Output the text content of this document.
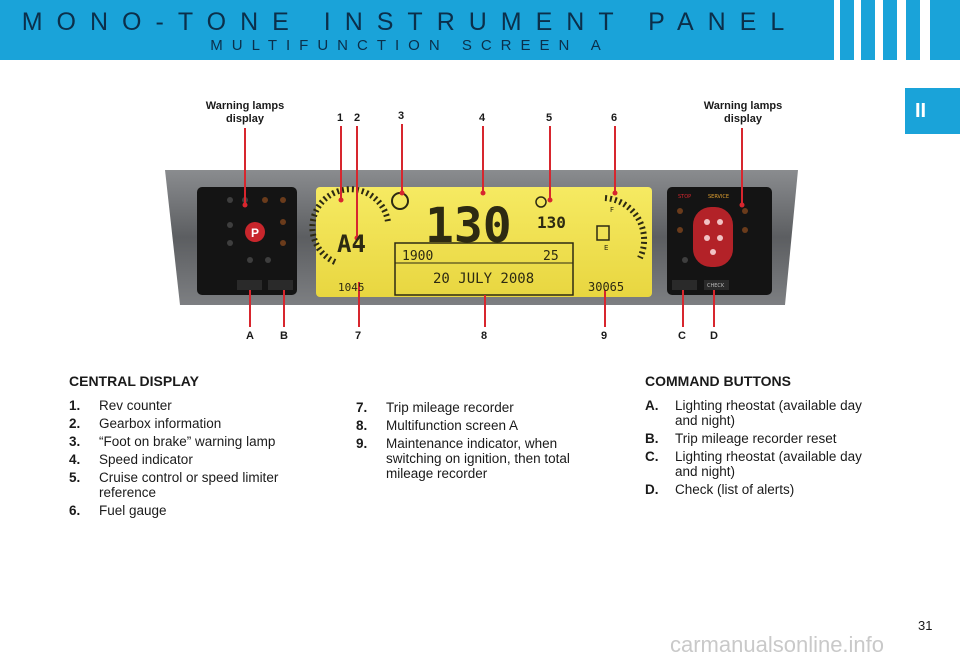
MONO-TONE INSTRUMENT PANEL
MULTIFUNCTION SCREEN A
II
Warning lamps display
Warning lamps display
1 2	3	4	5	6
A B	7	8	9	C D
P	A4 130 130
1900	25
20 JULY 2008
1045	30065
E
F
STOP	SERVICE
CHECK
CENTRAL DISPLAY
1. Rev counter
2. Gearbox information
3. “Foot on brake” warning lamp
4. Speed indicator
5. Cruise control or speed limiter reference
6. Fuel gauge
7. Trip mileage recorder
8. Multifunction screen A
9. Maintenance indicator, when switching on ignition, then total mileage recorder
COMMAND BUTTONS
A. Lighting rheostat (available day and night)
B. Trip mileage recorder reset
C. Lighting rheostat (available day and night)
D. Check (list of alerts)
31
carmanualsonline.info
